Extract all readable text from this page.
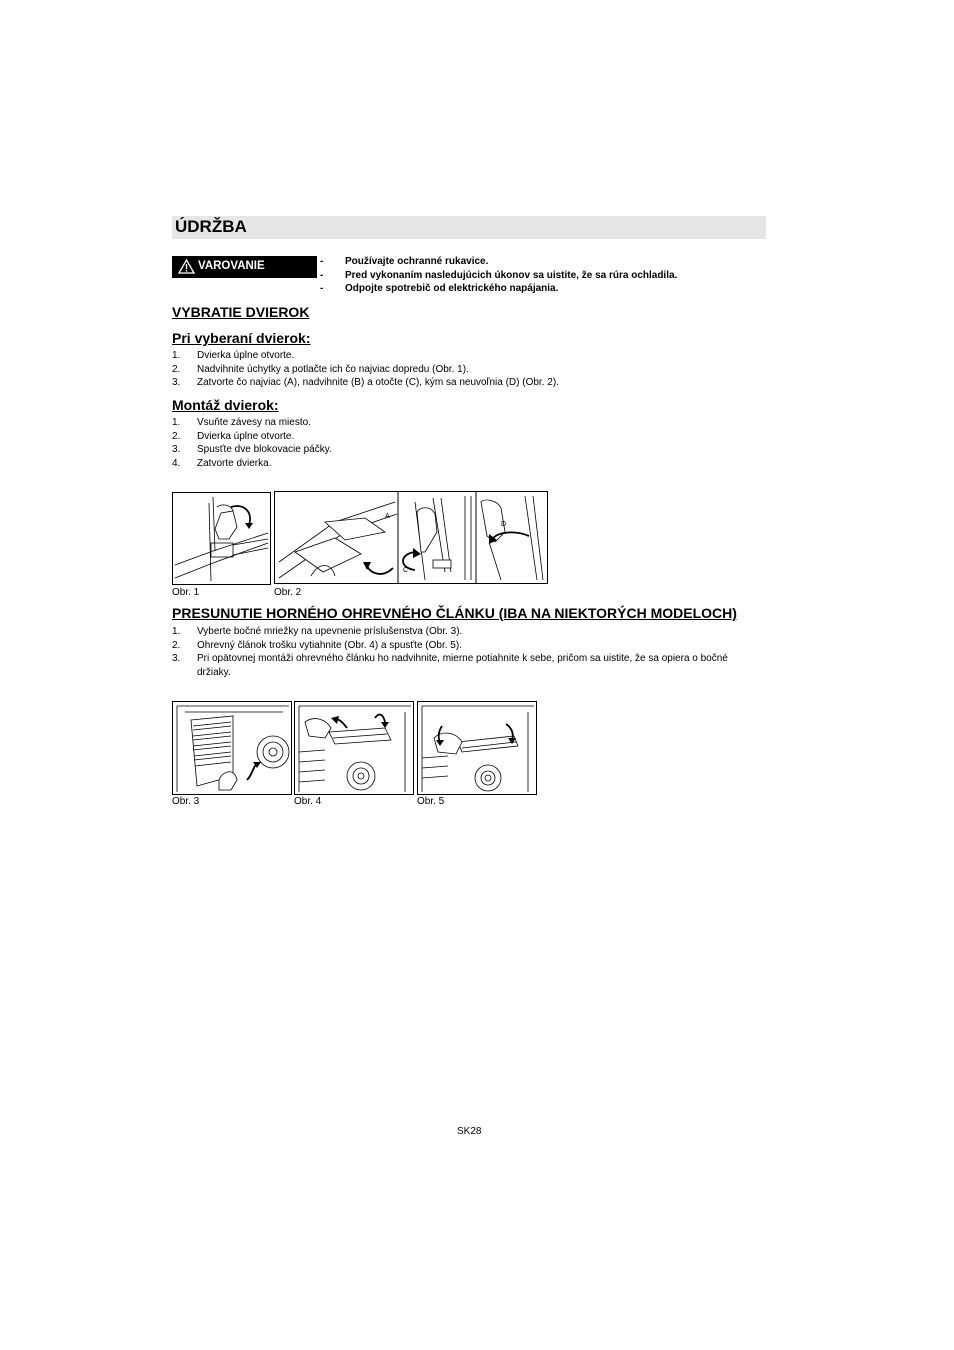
ÚDRŽBA
VAROVANIE	-	Používajte ochranné rukavice.
-	Pred vykonaním nasledujúcich úkonov sa uistite, že sa rúra ochladila.
-	Odpojte spotrebič od elektrického napájania.
VYBRATIE DVIEROK
Pri vyberaní dvierok:
1.	Dvierka úplne otvorte.
2.	Nadvihnite úchytky a potlačte ich čo najviac dopredu (Obr. 1).
3.	Zatvorte čo najviac (A), nadvihnite (B) a otočte (C), kým sa neuvoľnia (D) (Obr. 2).
Montáž dvierok:
1.	Vsuňte závesy na miesto.
2.	Dvierka úplne otvorte.
3.	Spusťte dve blokovacie páčky.
4.	Zatvorte dvierka.
Obr. 1
A
C
D
Obr. 2
PRESUNUTIE HORNÉHO OHREVNÉHO ČLÁNKU (IBA NA NIEKTORÝCH MODELOCH)
1.	Vyberte bočné mriežky na upevnenie príslušenstva (Obr. 3).
2.	Ohrevný článok trošku vytiahnite (Obr. 4) a spusťte (Obr. 5).
3.	Pri opätovnej montáži ohrevného článku ho nadvihnite, mierne potiahnite k sebe, pričom sa uistite, že sa opiera o bočné držiaky.
Obr. 3	Obr. 4	Obr. 5
SK28
